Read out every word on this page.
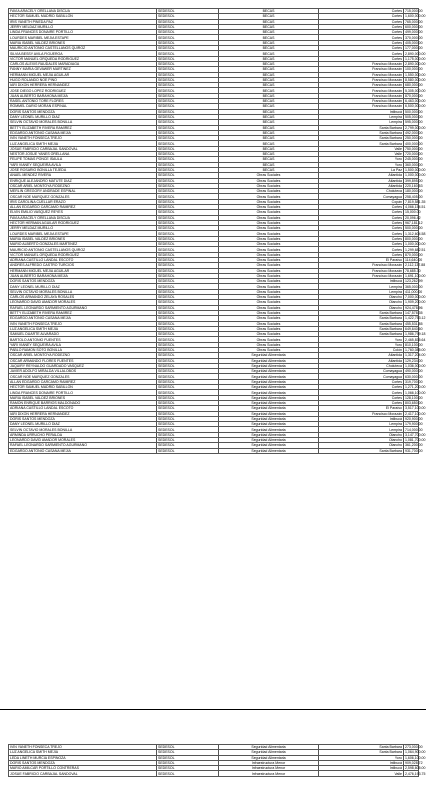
FAVIA ARACELY ORELLANA DISCUA	SEDESOL	BECAS	Cortes	715,000.00	
HECTOR SAMUEL MADRID SABILLON	SEDESOL	BECAS	Cortes	1,600,000.00	
IRIS YANETH PINEDA PAZ	SEDESOL	BECAS	Cortes	765,000.00	
JERRY MELDAZ MURILLO	SEDESOL	BECAS	Cortes	600,000.00	
LINDA FRANCES DONAIRE PORTILLO	SEDESOL	BECAS	Cortes	499,000.00	
LOURDES MARIBEL MEJIA ESTAPE	SEDESOL	BECAS	Cortes	370,000.00	
MARIA ISABEL VALDEZ BRIONES	SEDESOL	BECAS	Cortes	405,000.00	
MAURICIO ANTONIO CASTELLANOS QUIROZ	SEDESOL	BECAS	Cortes	177,000.00	
SILVIA BESSY AVILA FIGUEROA	SEDESOL	BECAS	Cortes	2,890,000.00	
VICTOR MANUEL ORQUEDA RODRIGUEZ	SEDESOL	BECAS	Cortes	1,175,000.00	
CARLOS ALEXIS RAUDALES MARADIAGA	SEDESOL	BECAS	Francisco Morazán	2,890,000.00	
FANNY MARIA GEVAWER MARTINEZ	SEDESOL	BECAS	Francisco Morazán	100,000.00	
HERMANN MIGUEL MEJIA AGUILAR	SEDESOL	BECAS	Francisco Morazán	1,550,000.00	
HUGO ROLANDO NOE PINO	SEDESOL	BECAS	Francisco Morazán	8,580,000.00	
IARI DIXON HERRERA HERNANDEZ	SEDESOL	BECAS	Francisco Morazán	680,000.00	
JOSE DIEGO LOPEZ RODRIGUEZ	SEDESOL	BECAS	Francisco Morazán	5,305,000.00	
JUAN ALBERTO BARAHONA MEJIA	SEDESOL	BECAS	Francisco Morazán	870,000.00	
RASEL ANTONIO TORE FLORES	SEDESOL	BECAS	Francisco Morazán	6,463,000.00	
ROMMEL DARIO MORAN ESPINAL	SEDESOL	BECAS	Francisco Morazán	6,500,000.00	
DORIS SANTOS MENDOZA	SEDESOL	BECAS	Intibucá	500,000.00	
DANY LEONEL MURILLO DIAZ	SEDESOL	BECAS	Lempira	505,000.00	
SELVIN OCTAVIO MORALES BONILLA	SEDESOL	BECAS	Lempira	595,000.00	
BETTY ELIZABETH RIVERA RAMIREZ	SEDESOL	BECAS	Santa Barbara	2,799,000.00	
EDGARDO ANTONIO CASANA MEJIA	SEDESOL	BECAS	Santa Barbara	492,000.00	
IVIN YANETH FONSECA TREJO	SEDESOL	BECAS	Santa Barbara	250,000.00	
LUZ ANGELICA SMITH MEJIA	SEDESOL	BECAS	Santa Barbara	400,000.00	
JOSUE FABRICIO CARBAJAL SANDOVAL	SEDESOL	BECAS	Valle	750,000.00	
NESTOR JOSUE YANES ORELLANA	SEDESOL	BECAS	Valle	720,000.00	
FELIPE TOMAS PONCE ISAULA	SEDESOL	BECAS	Yoro	245,000.00	
YARI VIANEY SEQUEIRA AVILA	SEDESOL	BECAS	Yoro	360,000.00	
JOSE ROSARIO BONILLA TEJEDA	SEDESOL	BECAS	La Paz	1,500,000.00	
ANAEL MENDEZ RIVERA	SEDESOL	Obras Sociales	Atlantida	1,000,000.00	
ENRIQUE ALEJANDRO MATUTE DIAZ	SEDESOL	Obras Sociales	Atlantida	399,895.00	
OSCAR ARIEL MONTOYA RODEZNO	SEDESOL	Obras Sociales	Atlantida	220,160.53	
MERLIN GREGORY ANDRADE ESPINAL	SEDESOL	Obras Sociales	Choluteca	180,000.00	
OSCAR NOE MARQUEZ GONZALES	SEDESOL	Obras Sociales	Comayagua	258,405.00	
IRIS CAROLINA CUELLAR ERAZO	SEDESOL	Obras Sociales	Copán	7,819,581.35	
ALLAN EDGARDO CARCAMO RAMIREZ	SEDESOL	Obras Sociales	Cortes	4,066,154.51	
ELVIN EMILIO VASQUEZ REYES	SEDESOL	Obras Sociales	Cortes	15,000.00	
FAVIA ARACELY ORELLANA DISCUA	SEDESOL	Obras Sociales	Cortes	20,096.42	
HECTOR HERMAN AGUILAR RODRIGUEZ	SEDESOL	Obras Sociales	Cortes	967,181.12	
JERRY MELDAZ MURILLO	SEDESOL	Obras Sociales	Cortes	500,000.00	
LOURDES MARIBEL MEJIA ESTAPE	SEDESOL	Obras Sociales	Cortes	1,312,604.58	
MARIA ISABEL VALDEZ BRIONES	SEDESOL	Obras Sociales	Cortes	800,000.00	
MARIO ALBERTO GONZALES MARTINEZ	SEDESOL	Obras Sociales	Cortes	1,000,000.00	
MAURICIO ANTONIO CASTELLANOS QUIROZ	SEDESOL	Obras Sociales	Cortes	1,299,682.51	
VICTOR MANUEL ORQUEDA RODRIGUEZ	SEDESOL	Obras Sociales	Cortes	870,000.00	
ADRIANA CASTILLO LANDAL ESCOTO	SEDESOL	Obras Sociales	El Paraíso	114,640.00	
ANDRES ALFREDO CASTRO TURCIOS	SEDESOL	Obras Sociales	Francisco Morazán	2,112,137.88	
HERMANN MIGUEL MEJIA AGUILAR	SEDESOL	Obras Sociales	Francisco Morazán	78,685.30	
JUAN ALBERTO BARAHONA MEJIA	SEDESOL	Obras Sociales	Francisco Morazán	1,691,100.00	
DORIS SANTOS MENDOZA	SEDESOL	Obras Sociales	Intibucá	123,262.99	
DANY LEONEL MURILLO DIAZ	SEDESOL	Obras Sociales	Lempira	365,000.00	
SELVIN OCTAVIO MORALES BONILLA	SEDESOL	Obras Sociales	Lempira	411,000.00	
CARLOS ARMANDO ZELAYA ROSALES	SEDESOL	Obras Sociales	Olancho	7,000,000.00	
LEONARDO DAVID AMADOR MORALES	SEDESOL	Obras Sociales	Olancho	1,909,200.00	
RAFAEL LEONARDO SARMIENTO AGURMANO	SEDESOL	Obras Sociales	Olancho	924,478.96	
BETTY ELIZABETH RIVERA RAMIREZ	SEDESOL	Obras Sociales	Santa Barbara	147,578.35	
EDGARDO ANTONIO CASANA MEJIA	SEDESOL	Obras Sociales	Santa Barbara	1,422,753.12	
IVIN YANETH FONSECA TREJO	SEDESOL	Obras Sociales	Santa Barbara	455,531.85	
LUZ ANGELICA SMITH MEJIA	SEDESOL	Obras Sociales	Santa Barbara	649,640.60	
SAMUEL DUARTE ALVARADO	SEDESOL	Obras Sociales	Santa Barbara	1,986,799.18	
BARTOLO ANTONIO FUENTES	SEDESOL	Obras Sociales	Yoro	2,465,835.64	
YARI VIANEY SEQUEIRA AVILA	SEDESOL	Obras Sociales	Yoro	810,100.00	
PABLO RAMON SOTO BONILLA	SEDESOL	Obras Sociales	Colón	1,760,085.00	
OSCAR ARIEL MONTOYA RODEZNO	SEDESOL	Seguridad Alimentaria	Atlantida	1,317,204.00	
OSCAR ARMANDO FLORES FUENTES	SEDESOL	Seguridad Alimentaria	Atlantida	129,234.00	
JAQUIRY REYNALDO GUARDADO VASQUEZ	SEDESOL	Seguridad Alimentaria	Choluteca	1,036,000.00	
JAVIER ADOLFO MIRALDA VILLALOBOS	SEDESOL	Seguridad Alimentaria	Comayagua	490,000.00	
OSCAR NOE MARQUEZ GONZALES	SEDESOL	Seguridad Alimentaria	Comayagua	630,000.00	
ALLAN EDGARDO CARCAMO RAMIREZ	SEDESOL	Seguridad Alimentaria	Cortes	319,700.00	
HECTOR SAMUEL MADRID SABILLON	SEDESOL	Seguridad Alimentaria	Cortes	1,271,200.00	
LINDA FRANCES DONAIRE PORTILLO	SEDESOL	Seguridad Alimentaria	Cortes	1,066,100.00	
MARIA ISABEL VALDEZ BRIONES	SEDESOL	Seguridad Alimentaria	Cortes	128,100.00	
RAMON ENRIQUE BARRIOS MALDONADO	SEDESOL	Seguridad Alimentaria	Cortes	803,650.00	
ADRIANA CASTILLO LANDAL ESCOTO	SEDESOL	Seguridad Alimentaria	El Paraíso	3,517,100.00	
IARI DIXON HERRERA HERNANDEZ	SEDESOL	Seguridad Alimentaria	Francisco Morazán	2,417,100.00	
DORIS SANTOS MENDOZA	SEDESOL	Seguridad Alimentaria	Intibucá	920,900.00	
DANY LEONEL MURILLO DIAZ	SEDESOL	Seguridad Alimentaria	Lempira	179,900.00	
SELVIN OCTAVIO MORALES BONILLA	SEDESOL	Seguridad Alimentaria	Lempira	714,000.00	
ARMINDA URRUCHO PERALDA	SEDESOL	Seguridad Alimentaria	Olancho	3,147,700.00	
LEONARDO DAVID AMADOR MORALES	SEDESOL	Seguridad Alimentaria	Olancho	1,081,700.00	
RAFAEL LEONARDO SARMIENTO AGURMANO	SEDESOL	Seguridad Alimentaria	Olancho	361,200.00	
EDGARDO ANTONIO CASANA MEJIA	SEDESOL	Seguridad Alimentaria	Santa Barbara	931,700.00	
IVIN YANETH FONSECA TREJO	SEDESOL	Seguridad Alimentaria	Santa Barbara	273,000.00	
LUZ ANGELICA SMITH MEJIA	SEDESOL	Seguridad Alimentaria	Santa Barbara	1,064,900.00	
LEDA LINETH MURCIA ESPINOZA	SEDESOL	Seguridad Alimentaria	Yoro	1,606,100.00	
DORIS SANTOS MENDOZA	SEDESOL	Infraestructura Menor	Intibucá	909,028.72	
MARIO AMILCAR PORTILLO CONTRERAS	SEDESOL	Infraestructura Menor	Intibucá	2,598,605.00	
JOSUE FABRICIO CARBAJAL SANDOVAL	SEDESOL	Infraestructura Menor	Valle	2,476,193.75	
